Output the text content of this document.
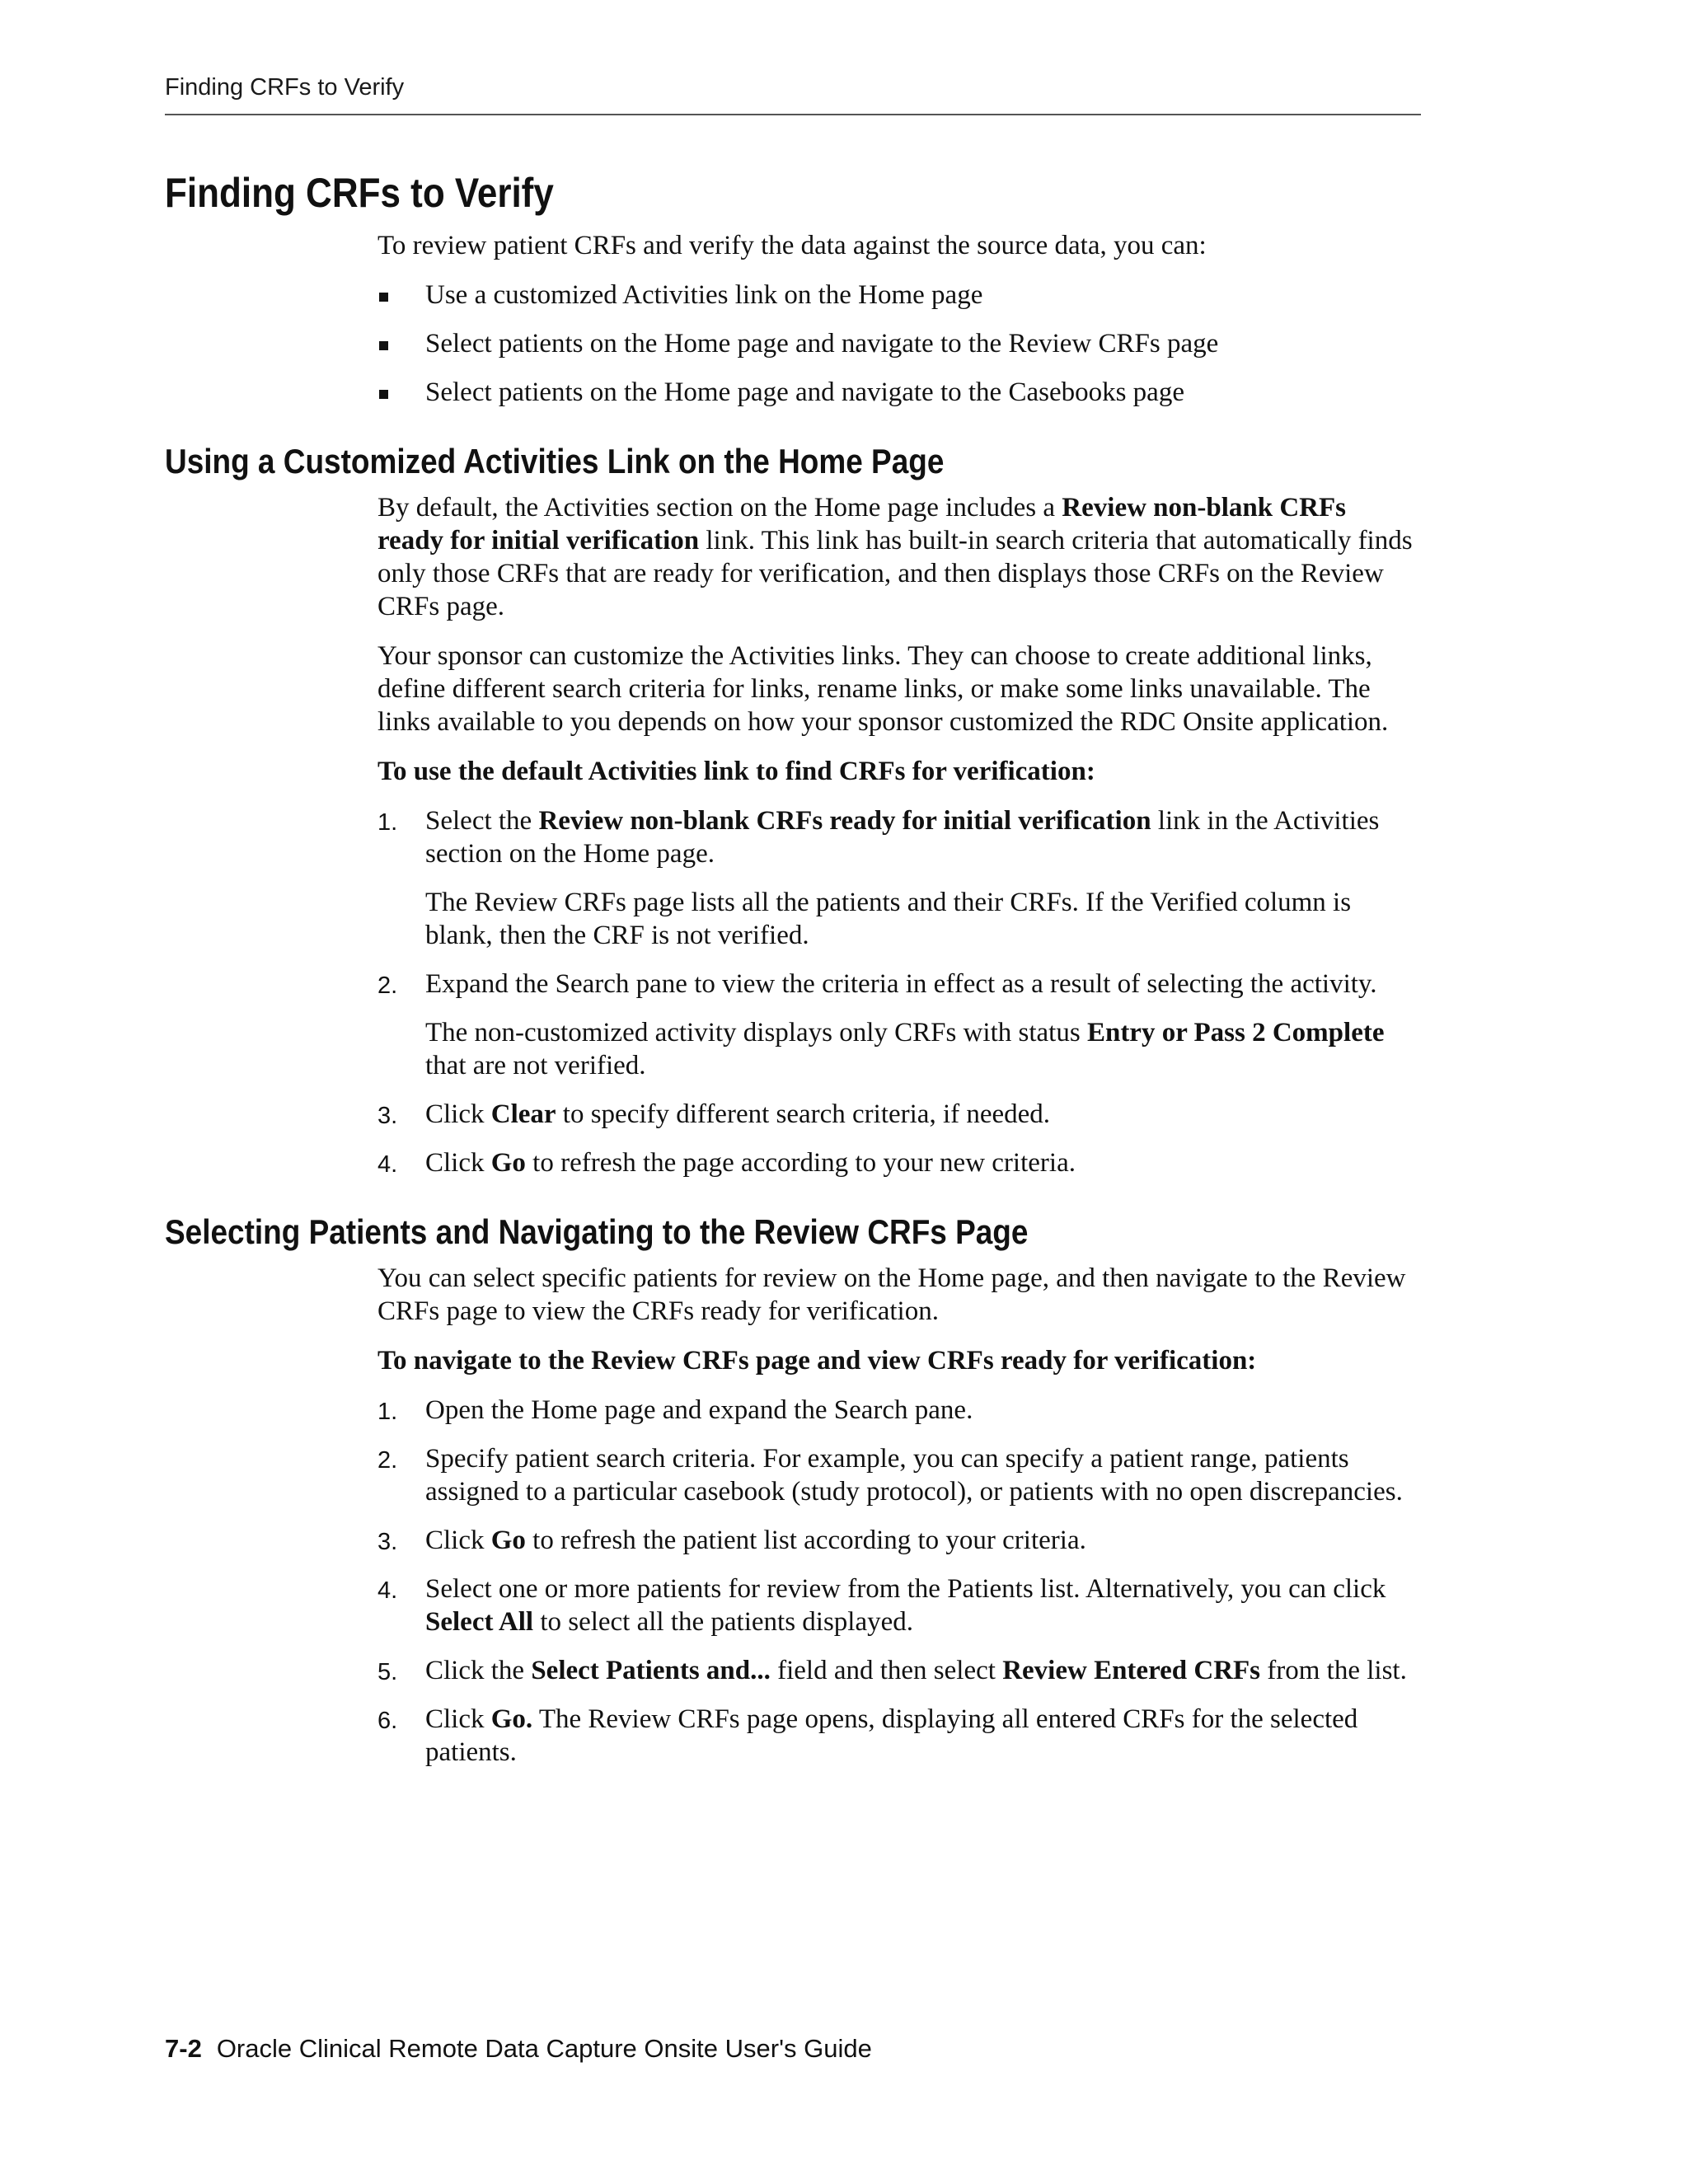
Finding CRFs to Verify
Finding CRFs to Verify

To review patient CRFs and verify the data against the source data, you can:

Use a customized Activities link on the Home page
Select patients on the Home page and navigate to the Review CRFs page
Select patients on the Home page and navigate to the Casebooks page
Using a Customized Activities Link on the Home Page

By default, the Activities section on the Home page includes a Review non-blank CRFs ready for initial verification link. This link has built-in search criteria that automatically finds only those CRFs that are ready for verification, and then displays those CRFs on the Review CRFs page.

Your sponsor can customize the Activities links. They can choose to create additional links, define different search criteria for links, rename links, or make some links unavailable. The links available to you depends on how your sponsor customized the RDC Onsite application.

To use the default Activities link to find CRFs for verification:

1. Select the Review non-blank CRFs ready for initial verification link in the Activities section on the Home page.

The Review CRFs page lists all the patients and their CRFs. If the Verified column is blank, then the CRF is not verified.

2. Expand the Search pane to view the criteria in effect as a result of selecting the activity.

The non-customized activity displays only CRFs with status Entry or Pass 2 Complete that are not verified.

3. Click Clear to specify different search criteria, if needed.

4. Click Go to refresh the page according to your new criteria.

Selecting Patients and Navigating to the Review CRFs Page

You can select specific patients for review on the Home page, and then navigate to the Review CRFs page to view the CRFs ready for verification.

To navigate to the Review CRFs page and view CRFs ready for verification:

1. Open the Home page and expand the Search pane.

2. Specify patient search criteria. For example, you can specify a patient range, patients assigned to a particular casebook (study protocol), or patients with no open discrepancies.

3. Click Go to refresh the patient list according to your criteria.

4. Select one or more patients for review from the Patients list. Alternatively, you can click Select All to select all the patients displayed.

5. Click the Select Patients and... field and then select Review Entered CRFs from the list.

6. Click Go. The Review CRFs page opens, displaying all entered CRFs for the selected patients.

7-2 Oracle Clinical Remote Data Capture Onsite User's Guide
